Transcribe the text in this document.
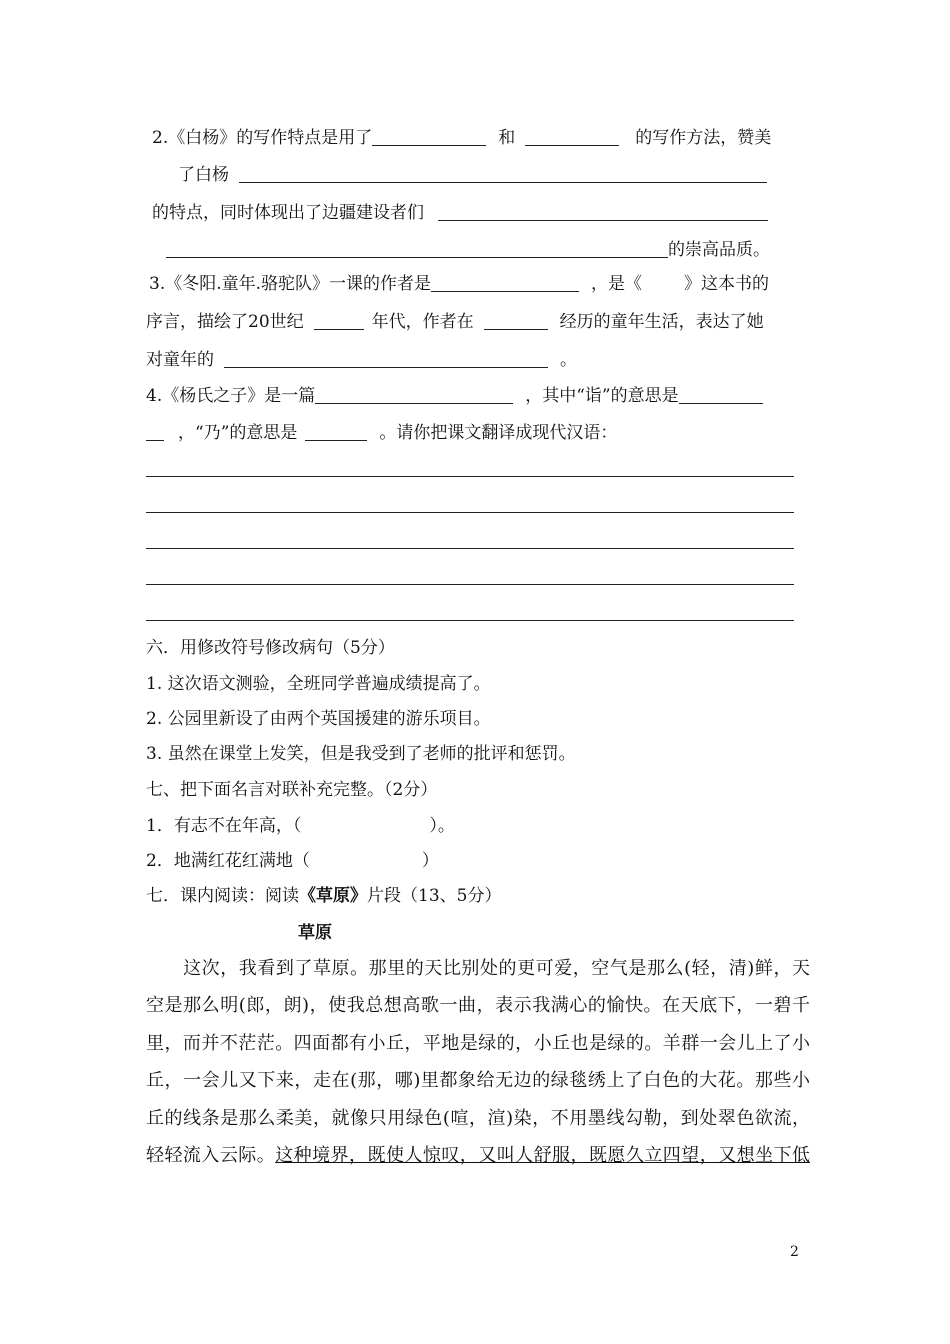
2.《白杨》的写作特点是用了	和	的写作方法，赞美
了白杨
的特点，同时体现出了边疆建设者们
的崇高品质。
3.《冬阳.童年.骆驼队》一课的作者是	，是《 》这本书的
序言，描绘了20世纪	年代，作者在	经历的童年生活，表达了她
对童年的	。
4.《杨氏之子》是一篇	，其中“诣”的意思是
，“乃”的意思是	。请你把课文翻译成现代汉语：
六．用修改符号修改病句（5分）
1. 这次语文测验，全班同学普遍成绩提高了。
2. 公园里新设了由两个英国援建的游乐项目。
3. 虽然在课堂上发笑，但是我受到了老师的批评和惩罚。
七、把下面名言对联补充完整。（2分）
1．有志不在年高，（	）。
2．地满红花红满地（	）
七．课内阅读：阅读《草原》片段（13、5分）
草原
　　这次，我看到了草原。那里的天比别处的更可爱，空气是那么(轻，清)鲜，天
空是那么明(郎，朗)，使我总想高歌一曲，表示我满心的愉快。在天底下，一碧千
里，而并不茫茫。四面都有小丘，平地是绿的，小丘也是绿的。羊群一会儿上了小
丘，一会儿又下来，走在(那，哪)里都象给无边的绿毯绣上了白色的大花。那些小
丘的线条是那么柔美，就像只用绿色(喧，渲)染，不用墨线勾勒，到处翠色欲流，
轻轻流入云际。这种境界，既使人惊叹，又叫人舒服，既愿久立四望，又想坐下低
2
